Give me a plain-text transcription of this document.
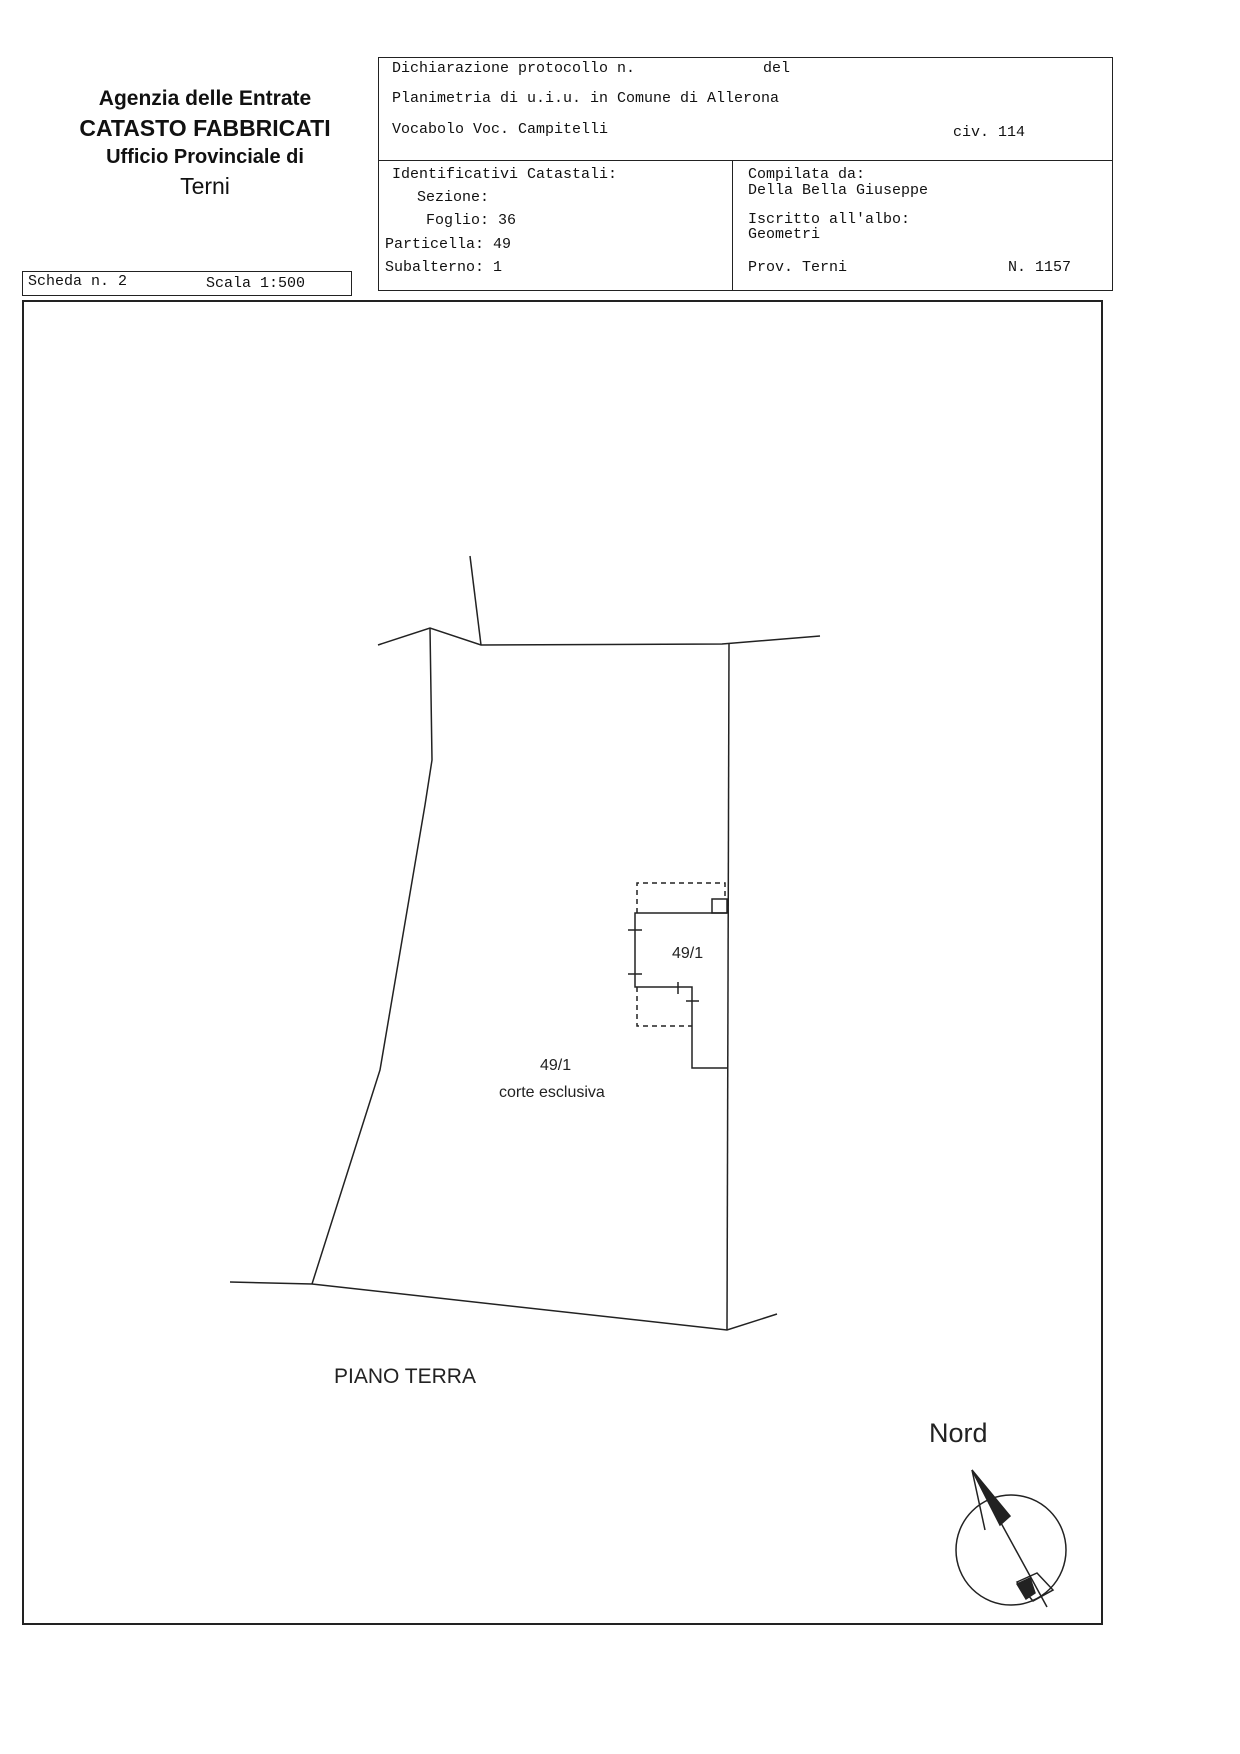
Agenzia delle Entrate
CATASTO FABBRICATI
Ufficio Provinciale di
Terni
Dichiarazione protocollo n.	del
Planimetria di u.i.u. in Comune di Allerona
Vocabolo Voc. Campitelli	civ. 114
Identificativi Catastali:
Sezione:
Foglio: 36
Particella: 49
Subalterno: 1
Compilata da:
Della Bella Giuseppe
Iscritto all'albo:
Geometri
Prov. Terni	N. 1157
Scheda n. 2	Scala 1:500
49/1
49/1
corte esclusiva
PIANO TERRA
Nord
